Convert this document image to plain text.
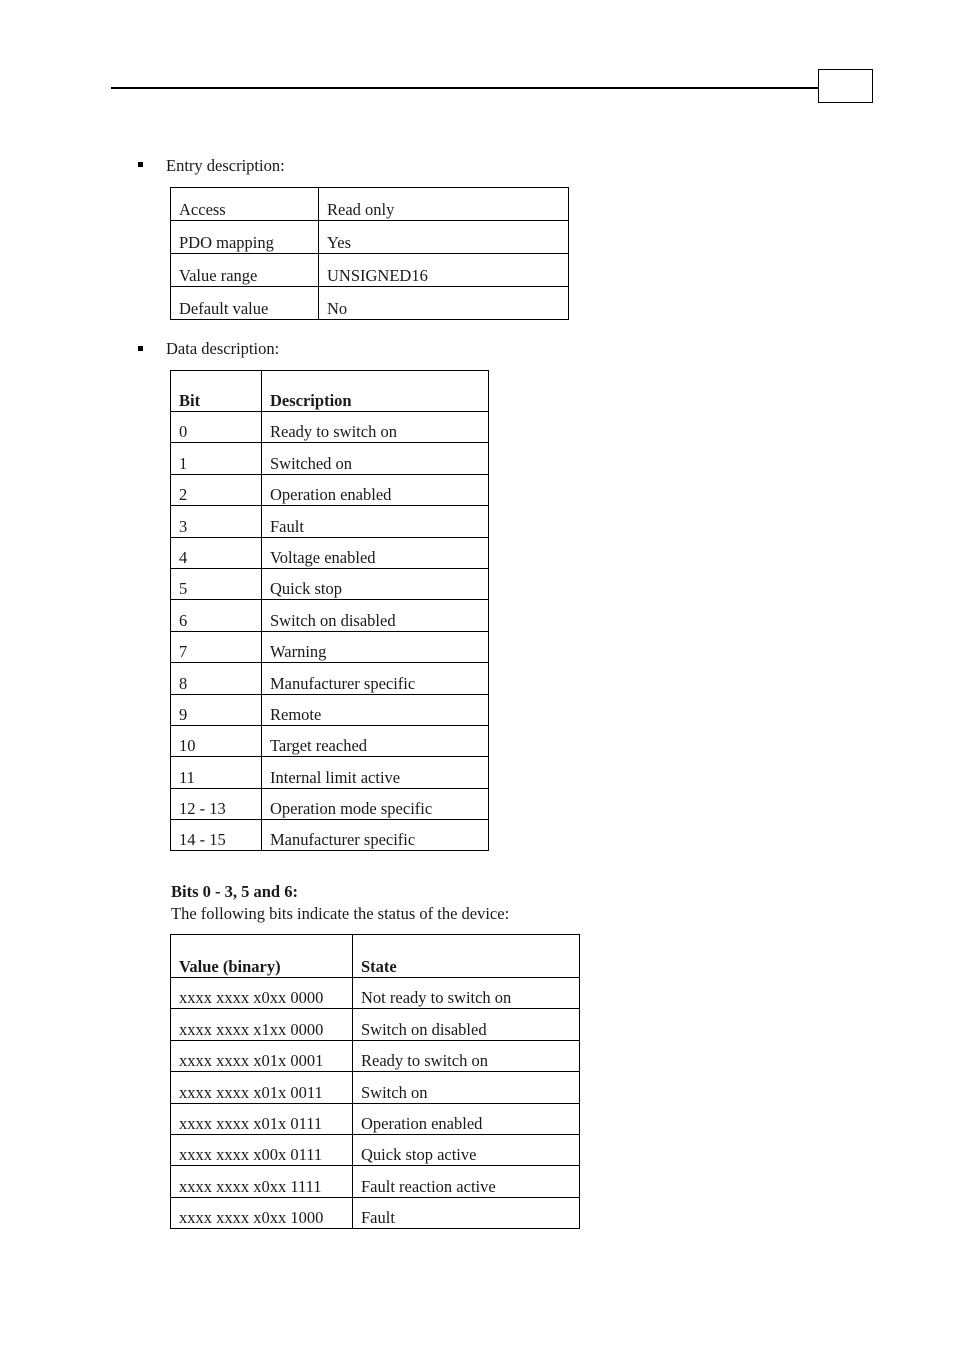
Entry description:
Access	Read only
PDO mapping	Yes
Value range	UNSIGNED16
Default value	No
Data description:
Bit	Description
0	Ready to switch on
1	Switched on
2	Operation enabled
3	Fault
4	Voltage enabled
5	Quick stop
6	Switch on disabled
7	Warning
8	Manufacturer specific
9	Remote
10	Target reached
11	Internal limit active
12 - 13	Operation mode specific
14 - 15	Manufacturer specific
Bits 0 - 3, 5 and 6:
The following bits indicate the status of the device:
Value (binary)	State
xxxx xxxx x0xx 0000	Not ready to switch on
xxxx xxxx x1xx 0000	Switch on disabled
xxxx xxxx x01x 0001	Ready to switch on
xxxx xxxx x01x 0011	Switch on
xxxx xxxx x01x 0111	Operation enabled
xxxx xxxx x00x 0111	Quick stop active
xxxx xxxx x0xx 1111	Fault reaction active
xxxx xxxx x0xx 1000	Fault
